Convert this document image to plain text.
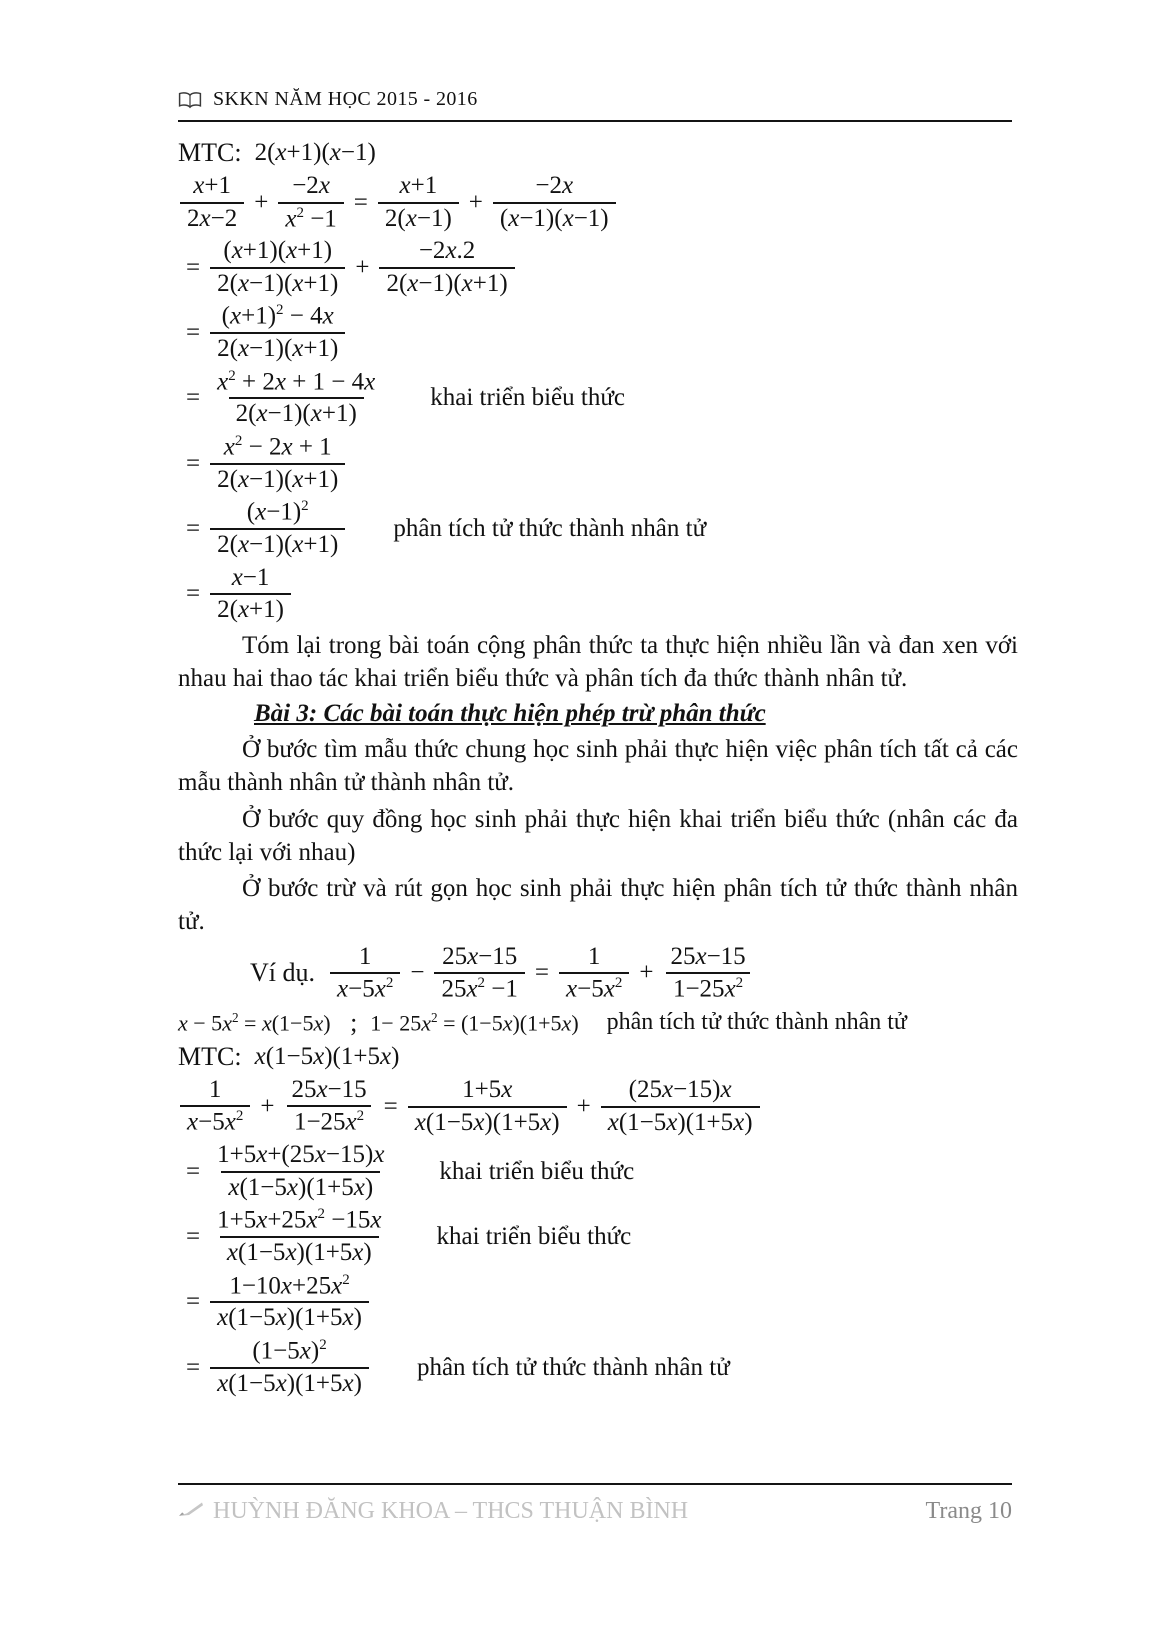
SKKN NĂM HỌC 2015 - 2016
MTC: 2(x+1)(x−1)
$\frac{x+1}{2x-2} + \frac{-2x}{x^2 -1} = \frac{x+1}{2(x-1)} + \frac{-2x}{(x-1)(x-1)}$
= $\frac{(x+1)(x+1)}{2(x-1)(x+1)} + \frac{-2x.2}{2(x-1)(x+1)}$
= $\frac{(x+1)^2 - 4x}{2(x-1)(x+1)}$
= $\frac{x^2 + 2x + 1 - 4x}{2(x-1)(x+1)}$ khai triển biểu thức
= $\frac{x^2 - 2x + 1}{2(x-1)(x+1)}$
= $\frac{(x-1)^2}{2(x-1)(x+1)}$ phân tích tử thức thành nhân tử
= $\frac{x-1}{2(x+1)}$

Tóm lại trong bài toán cộng phân thức ta thực hiện nhiều lần và đan xen với nhau hai thao tác khai triển biểu thức và phân tích đa thức thành nhân tử.

Bài 3: Các bài toán thực hiện phép trừ phân thức

Ở bước tìm mẫu thức chung học sinh phải thực hiện việc phân tích tất cả các mẫu thành nhân tử thành nhân tử.

Ở bước quy đồng học sinh phải thực hiện khai triển biểu thức (nhân các đa thức lại với nhau)

Ở bước trừ và rút gọn học sinh phải thực hiện phân tích tử thức thành nhân tử.

Ví dụ. $\frac{1}{x-5x^2} - \frac{25x-15}{25x^2 -1} = \frac{1}{x-5x^2} + \frac{25x-15}{1-25x^2}$
$x - 5x^2 = x(1-5x)$ ; $1- 25x^2 = (1-5x)(1+5x)$ phân tích tử thức thành nhân tử
MTC: x(1−5x)(1+5x)
$\frac{1}{x-5x^2} + \frac{25x-15}{1-25x^2} = \frac{1+5x}{x(1-5x)(1+5x)} + \frac{(25x-15)x}{x(1-5x)(1+5x)}$
= $\frac{1+5x+(25x-15)x}{x(1-5x)(1+5x)}$ khai triển biểu thức
= $\frac{1+5x+25x^2 -15x}{x(1-5x)(1+5x)}$ khai triển biểu thức
= $\frac{1-10x+25x^2}{x(1-5x)(1+5x)}$
= $\frac{(1-5x)^2}{x(1-5x)(1+5x)}$ phân tích tử thức thành nhân tử
HUỲNH ĐĂNG KHOA – THCS THUẬN BÌNH	Trang 10
